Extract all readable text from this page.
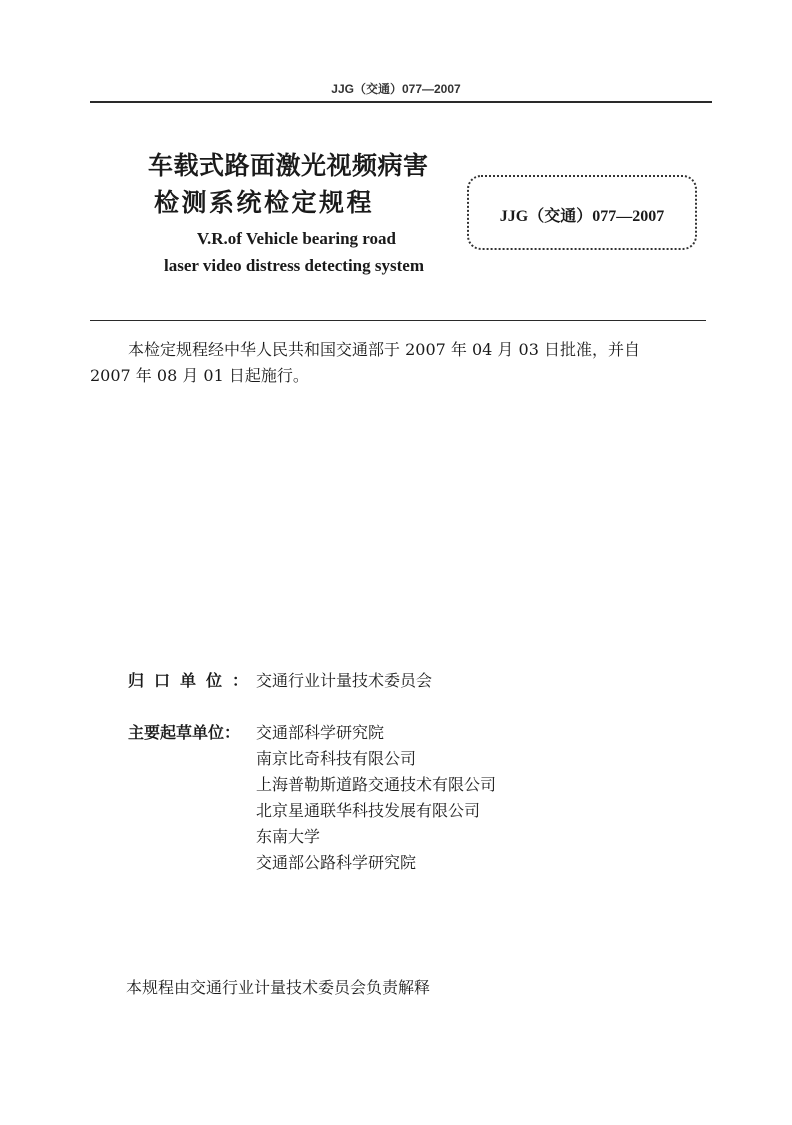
JJG（交通）077—2007
车载式路面激光视频病害
检测系统检定规程
V.R.of Vehicle bearing road
laser video distress detecting system
JJG（交通）077—2007
本检定规程经中华人民共和国交通部于 2007 年 04 月 03 日批准，并自
2007 年 08 月 01 日起施行。
归口单位：
交通行业计量技术委员会
主要起草单位： 交通部科学研究院
南京比奇科技有限公司
上海普勒斯道路交通技术有限公司
北京星通联华科技发展有限公司
东南大学
交通部公路科学研究院
本规程由交通行业计量技术委员会负责解释
